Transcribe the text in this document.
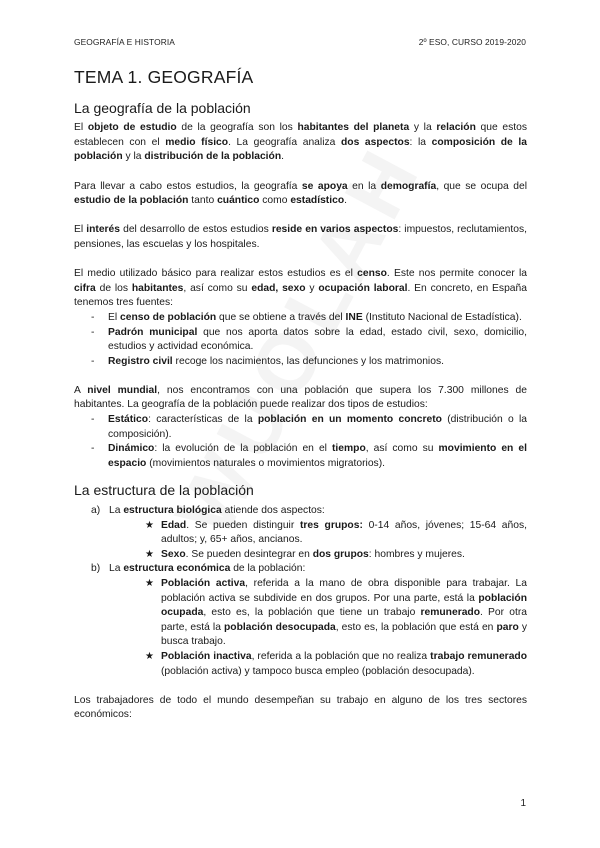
GEOGRAFÍA E HISTORIA	2º ESO, CURSO 2019-2020
TEMA 1. GEOGRAFÍA
La geografía de la población

El objeto de estudio de la geografía son los habitantes del planeta y la relación que estos establecen con el medio físico. La geografía analiza dos aspectos: la composición de la población y la distribución de la población.

Para llevar a cabo estos estudios, la geografía se apoya en la demografía, que se ocupa del estudio de la población tanto cuántico como estadístico.

El interés del desarrollo de estos estudios reside en varios aspectos: impuestos, reclutamientos, pensiones, las escuelas y los hospitales.

El medio utilizado básico para realizar estos estudios es el censo. Este nos permite conocer la cifra de los habitantes, así como su edad, sexo y ocupación laboral. En concreto, en España tenemos tres fuentes:

- El censo de población que se obtiene a través del INE (Instituto Nacional de Estadística).
- Padrón municipal que nos aporta datos sobre la edad, estado civil, sexo, domicilio, estudios y actividad económica.
- Registro civil recoge los nacimientos, las defunciones y los matrimonios.

A nivel mundial, nos encontramos con una población que supera los 7.300 millones de habitantes. La geografía de la población puede realizar dos tipos de estudios:

- Estático: características de la población en un momento concreto (distribución o la composición).
- Dinámico: la evolución de la población en el tiempo, así como su movimiento en el espacio (movimientos naturales o movimientos migratorios).
La estructura de la población
a) La estructura biológica atiende dos aspectos:
★ Edad. Se pueden distinguir tres grupos: 0-14 años, jóvenes; 15-64 años, adultos; y, 65+ años, ancianos.
★ Sexo. Se pueden desintegrar en dos grupos: hombres y mujeres.
b) La estructura económica de la población:
★ Población activa, referida a la mano de obra disponible para trabajar. La población activa se subdivide en dos grupos. Por una parte, está la población ocupada, esto es, la población que tiene un trabajo remunerado. Por otra parte, está la población desocupada, esto es, la población que está en paro y busca trabajo.
★ Población inactiva, referida a la población que no realiza trabajo remunerado (población activa) y tampoco busca empleo (población desocupada).

Los trabajadores de todo el mundo desempeñan su trabajo en alguno de los tres sectores económicos:

1
